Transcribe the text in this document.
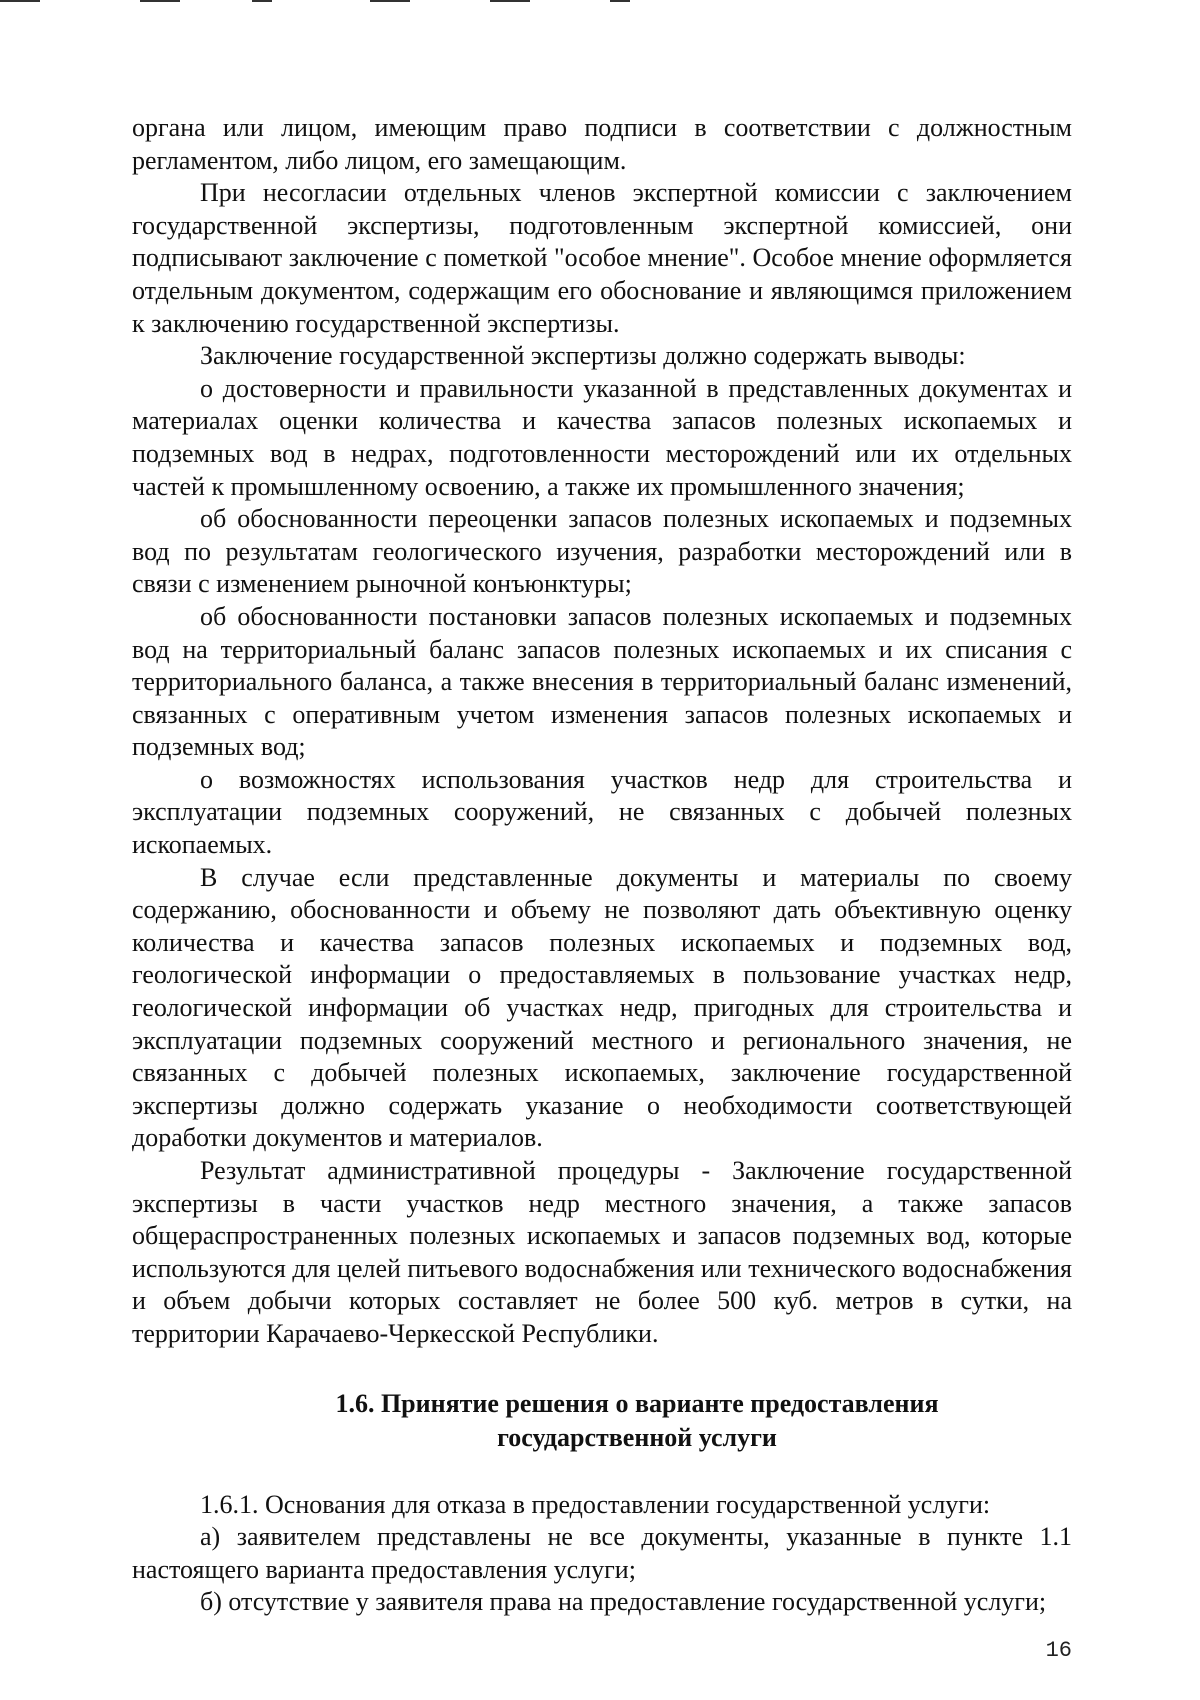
органа или лицом, имеющим право подписи в соответствии с должностным регламентом, либо лицом, его замещающим.

При несогласии отдельных членов экспертной комиссии с заключением государственной экспертизы, подготовленным экспертной комиссией, они подписывают заключение с пометкой "особое мнение". Особое мнение оформляется отдельным документом, содержащим его обоснование и являющимся приложением к заключению государственной экспертизы.

Заключение государственной экспертизы должно содержать выводы:

о достоверности и правильности указанной в представленных документах и материалах оценки количества и качества запасов полезных ископаемых и подземных вод в недрах, подготовленности месторождений или их отдельных частей к промышленному освоению, а также их промышленного значения;

об обоснованности переоценки запасов полезных ископаемых и подземных вод по результатам геологического изучения, разработки месторождений или в связи с изменением рыночной конъюнктуры;

об обоснованности постановки запасов полезных ископаемых и подземных вод на территориальный баланс запасов полезных ископаемых и их списания с территориального баланса, а также внесения в территориальный баланс изменений, связанных с оперативным учетом изменения запасов полезных ископаемых и подземных вод;

о возможностях использования участков недр для строительства и эксплуатации подземных сооружений, не связанных с добычей полезных ископаемых.

В случае если представленные документы и материалы по своему содержанию, обоснованности и объему не позволяют дать объективную оценку количества и качества запасов полезных ископаемых и подземных вод, геологической информации о предоставляемых в пользование участках недр, геологической информации об участках недр, пригодных для строительства и эксплуатации подземных сооружений местного и регионального значения, не связанных с добычей полезных ископаемых, заключение государственной экспертизы должно содержать указание о необходимости соответствующей доработки документов и материалов.

Результат административной процедуры - Заключение государственной экспертизы в части участков недр местного значения, а также запасов общераспространенных полезных ископаемых и запасов подземных вод, которые используются для целей питьевого водоснабжения или технического водоснабжения и объем добычи которых составляет не более 500 куб. метров в сутки, на территории Карачаево-Черкесской Республики.

1.6. Принятие решения о варианте предоставления
государственной услуги

1.6.1. Основания для отказа в предоставлении государственной услуги:

а) заявителем представлены не все документы, указанные в пункте 1.1 настоящего варианта предоставления услуги;

б) отсутствие у заявителя права на предоставление государственной услуги;

16
